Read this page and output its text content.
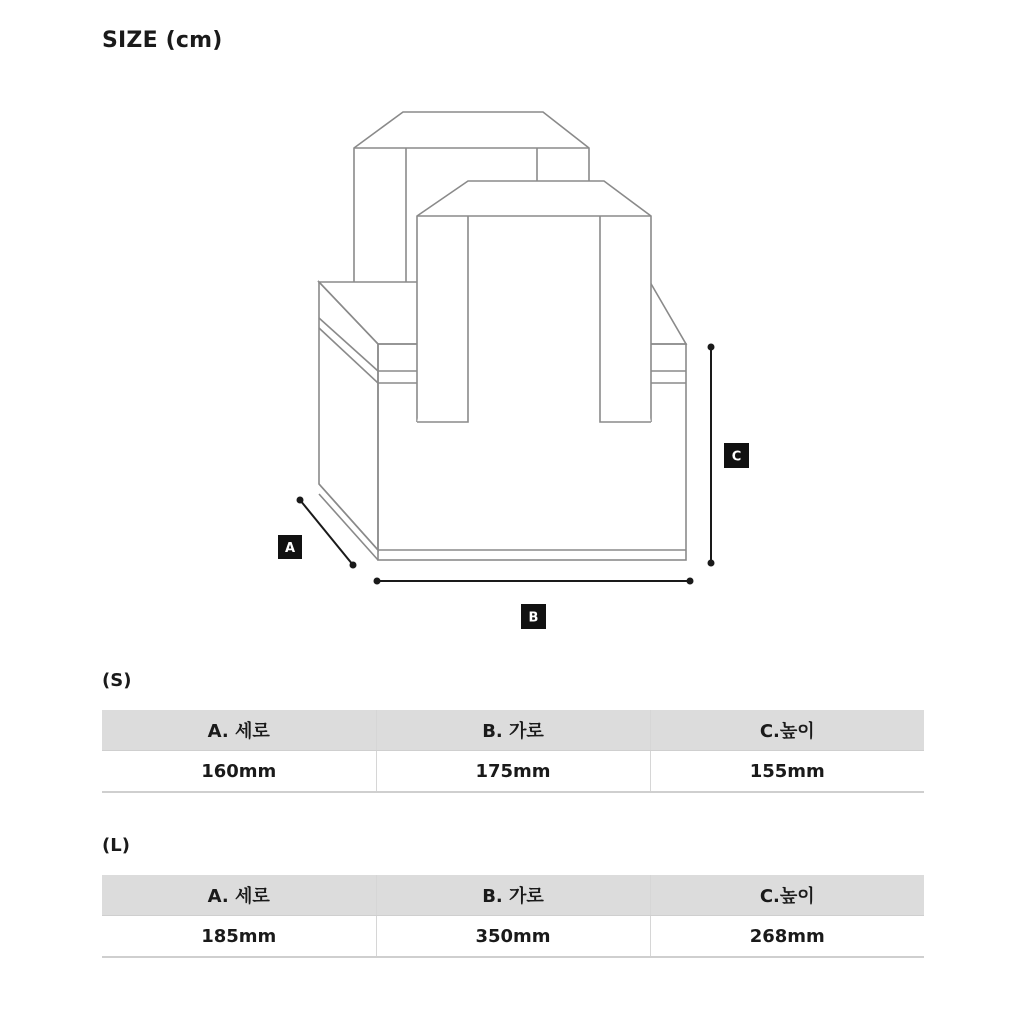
SIZE (cm)
A
B
C
(S)
A. 세로	B. 가로	C.높이
160mm	175mm	155mm
(L)
A. 세로	B. 가로	C.높이
185mm	350mm	268mm
